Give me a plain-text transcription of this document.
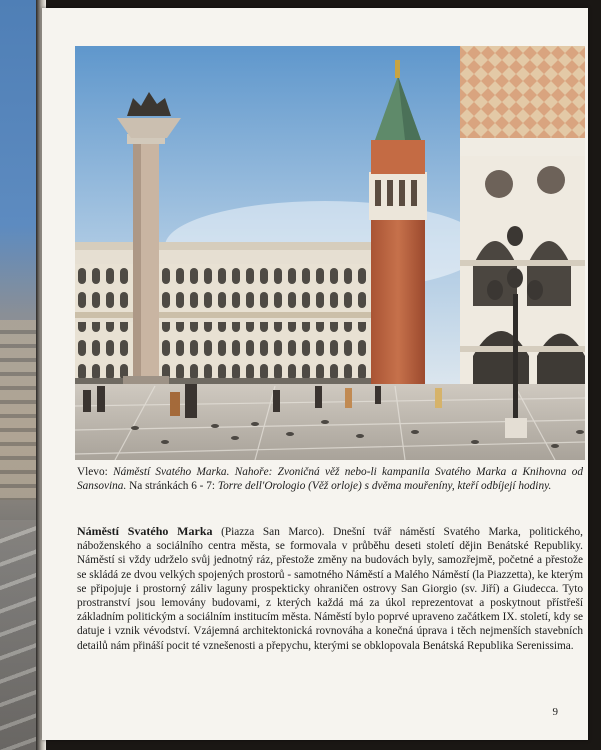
Vlevo: Náměstí Svatého Marka. Nahoře: Zvoničná věž nebo-li kampanila Svatého Marka a Knihovna od Sansovina. Na stránkách 6 - 7: Torre dell'Orologio (Věž orloje) s dvěma mouřeníny, kteří odbíjejí hodiny.

Náměstí Svatého Marka (Piazza San Marco). Dnešní tvář náměstí Svatého Marka, politického, náboženského a sociálního centra města, se formovala v průběhu deseti století dějin Benátské Republiky. Náměstí si vždy udrželo svůj jednotný ráz, přestože změny na budovách byly, samozřejmě, početné a přestože se skládá ze dvou velkých spojených prostorů - samotného Náměstí a Malého Náměstí (la Piazzetta), ke kterým se připojuje i prostorný záliv laguny prospekticky ohraničen ostrovy San Giorgio (sv. Jiří) a Giudecca. Tyto prostranství jsou lemovány budovami, z kterých každá má za úkol reprezentovat a poskytnout přístřeší základním politickým a sociálním institucím města. Náměstí bylo poprvé upraveno začátkem IX. století, kdy se datuje i vznik vévodství. Vzájemná architektonická rovnováha a konečná úprava i těch nejmenších stavebních detailů nám přináší pocit té vznešenosti a přepychu, kterými se obklopovala Benátská Republika Serenissima.

9
